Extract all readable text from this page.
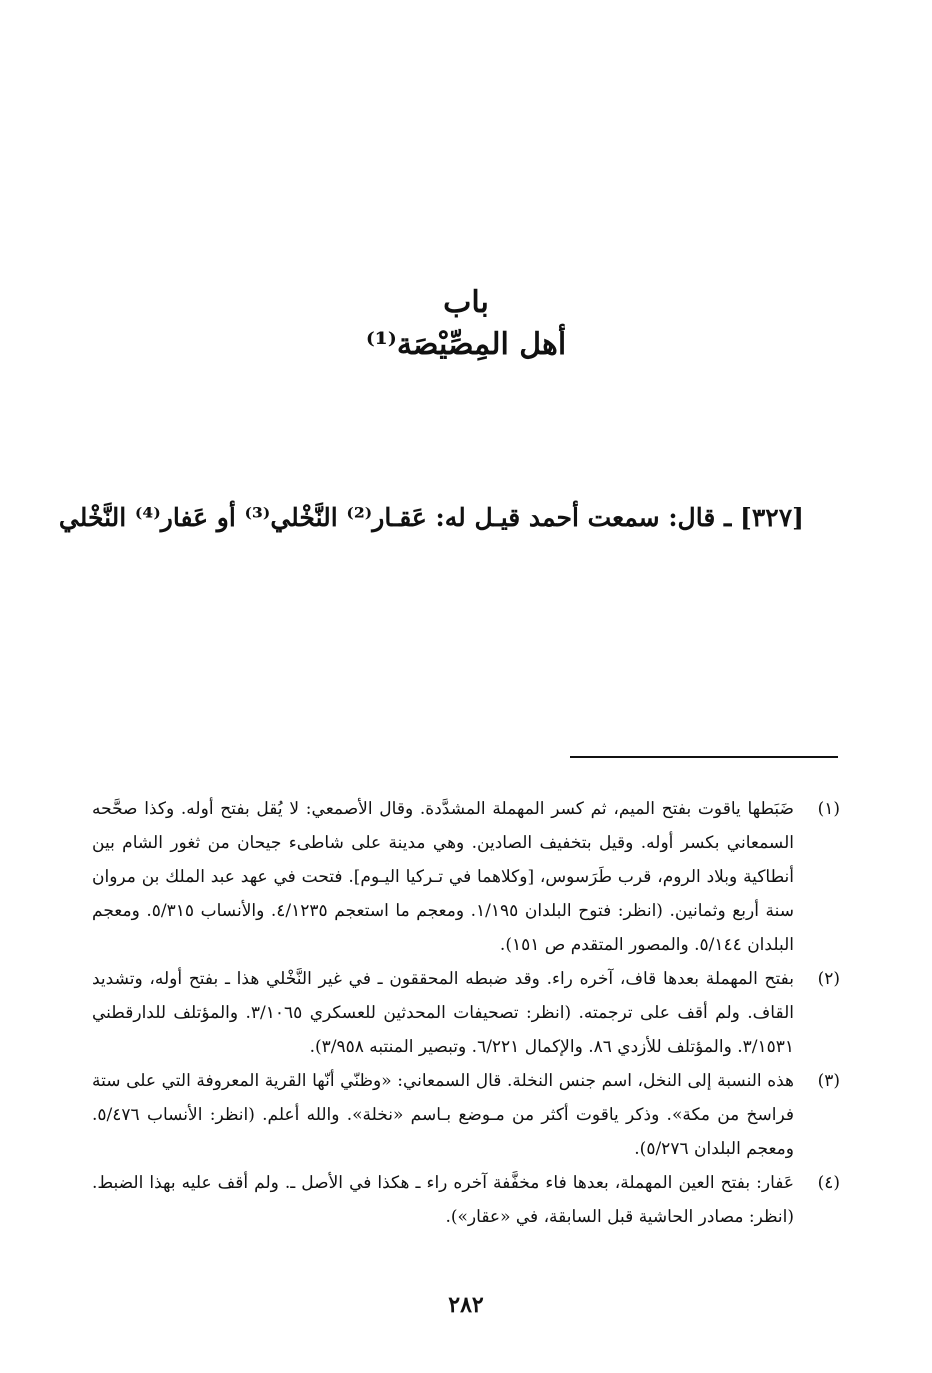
باب
أهل المِصِّيْصَة⁽¹⁾
[٣٢٧] ـ قال: سمعت أحمد قيـل له: عَقـار⁽²⁾ النَّخْلي⁽³⁾ أو عَفار⁽⁴⁾ النَّخْلي
(١)
ضَبَطها ياقوت بفتح الميم، ثم كسر المهملة المشدَّدة. وقال الأصمعي: لا يُقل بفتح أوله. وكذا صحَّحه السمعاني بكسر أوله. وقيل بتخفيف الصادين. وهي مدينة على شاطىء جيحان من ثغور الشام بين أنطاكية وبلاد الروم، قرب طَرَسوس، [وكلاهما في تـركيا اليـوم]. فتحت في عهد عبد الملك بن مروان سنة أربع وثمانين. (انظر: فتوح البلدان ١/١٩٥. ومعجم ما استعجم ٤/١٢٣٥. والأنساب ٥/٣١٥. ومعجم البلدان ٥/١٤٤. والمصور المتقدم ص ١٥١).
(٢)
بفتح المهملة بعدها قاف، آخره راء. وقد ضبطه المحققون ـ في غير النَّخْلي هذا ـ بفتح أوله، وتشديد القاف. ولم أقف على ترجمته. (انظر: تصحيفات المحدثين للعسكري ٣/١٠٦٥. والمؤتلف للدارقطني ٣/١٥٣١. والمؤتلف للأزدي ٨٦. والإكمال ٦/٢٢١. وتبصير المنتبه ٣/٩٥٨).
(٣)
هذه النسبة إلى النخل، اسم جنس النخلة. قال السمعاني: «وظنّي أنّها القرية المعروفة التي على ستة فراسخ من مكة». وذكر ياقوت أكثر من مـوضع بـاسم «نخلة». والله أعلم. (انظر: الأنساب ٥/٤٧٦. ومعجم البلدان ٥/٢٧٦).
(٤)
عَفار: بفتح العين المهملة، بعدها فاء مخفَّفة آخره راء ـ هكذا في الأصل ـ. ولم أقف عليه بهذا الضبط. (انظر: مصادر الحاشية قبل السابقة، في «عقار»).
٢٨٢
